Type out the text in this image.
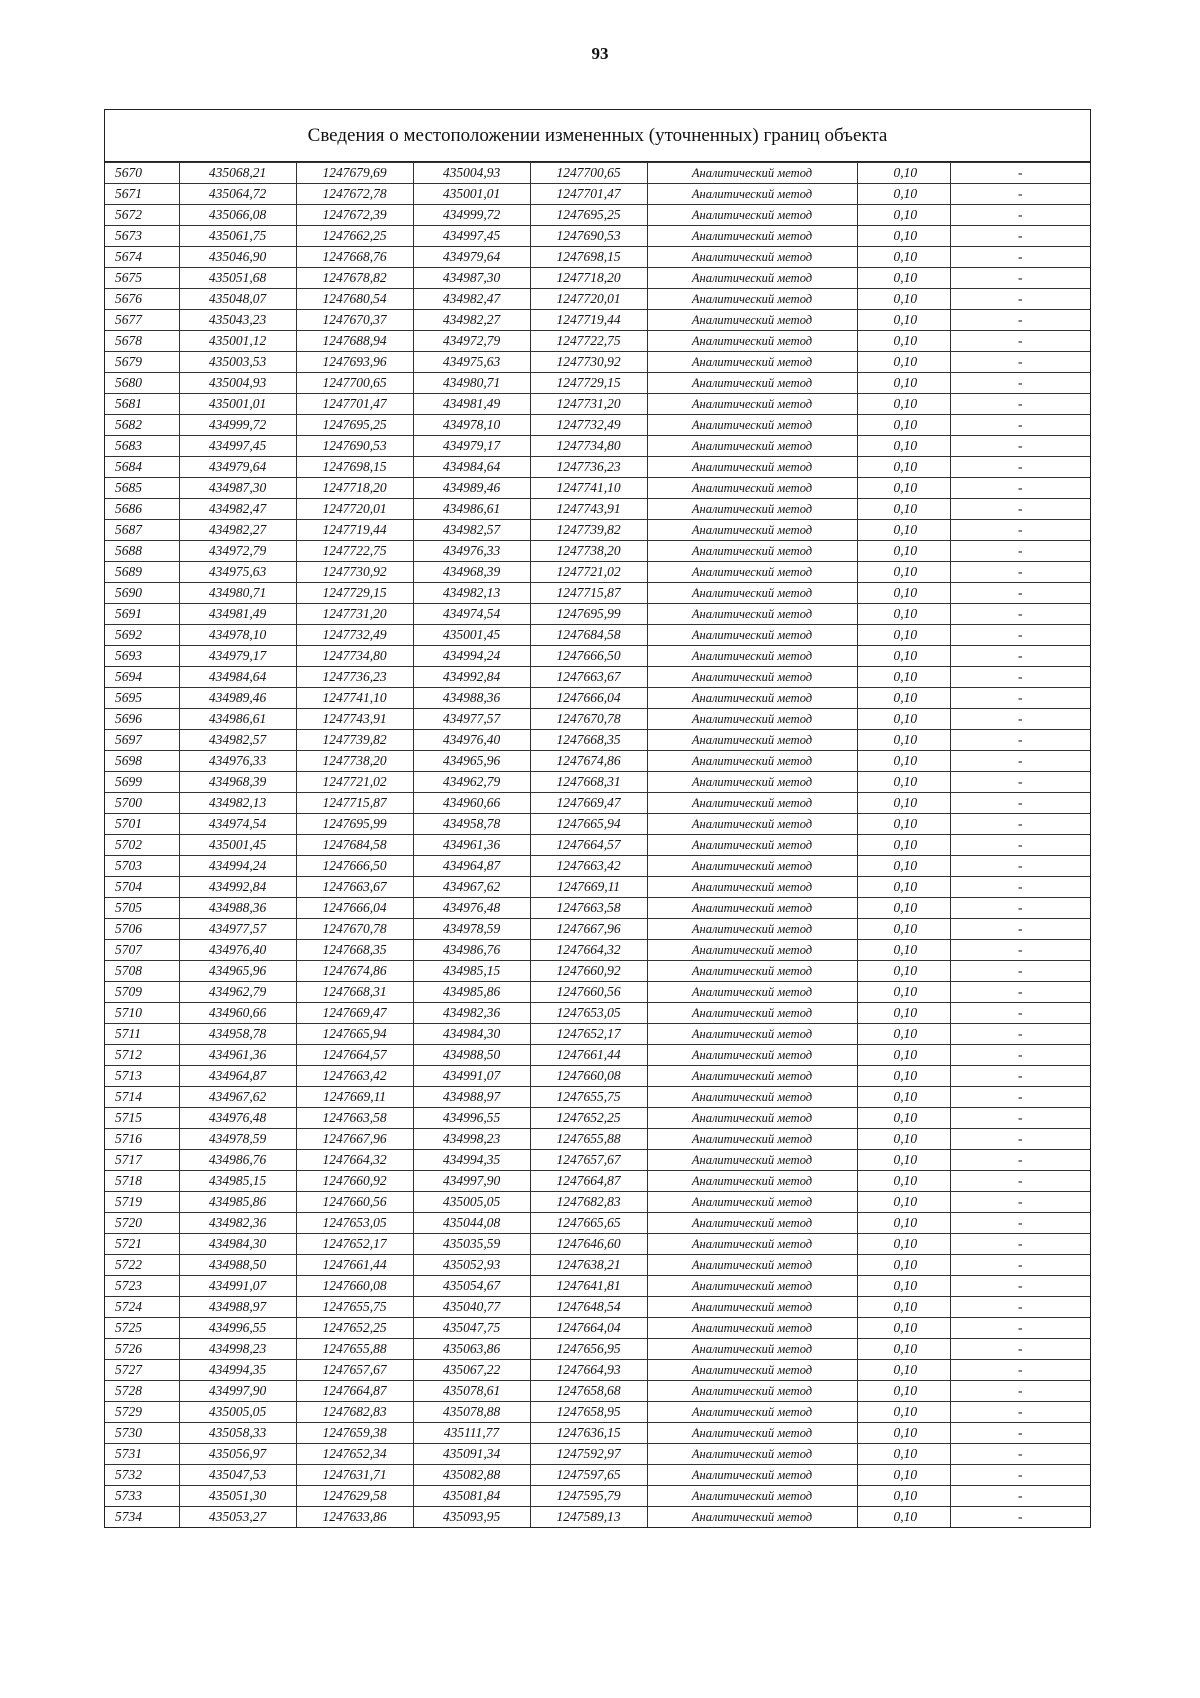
93
Сведения о местоположении измененных (уточненных) границ объекта
5670	435068,21	1247679,69	435004,93	1247700,65	Аналитический метод	0,10	-
5671	435064,72	1247672,78	435001,01	1247701,47	Аналитический метод	0,10	-
5672	435066,08	1247672,39	434999,72	1247695,25	Аналитический метод	0,10	-
5673	435061,75	1247662,25	434997,45	1247690,53	Аналитический метод	0,10	-
5674	435046,90	1247668,76	434979,64	1247698,15	Аналитический метод	0,10	-
5675	435051,68	1247678,82	434987,30	1247718,20	Аналитический метод	0,10	-
5676	435048,07	1247680,54	434982,47	1247720,01	Аналитический метод	0,10	-
5677	435043,23	1247670,37	434982,27	1247719,44	Аналитический метод	0,10	-
5678	435001,12	1247688,94	434972,79	1247722,75	Аналитический метод	0,10	-
5679	435003,53	1247693,96	434975,63	1247730,92	Аналитический метод	0,10	-
5680	435004,93	1247700,65	434980,71	1247729,15	Аналитический метод	0,10	-
5681	435001,01	1247701,47	434981,49	1247731,20	Аналитический метод	0,10	-
5682	434999,72	1247695,25	434978,10	1247732,49	Аналитический метод	0,10	-
5683	434997,45	1247690,53	434979,17	1247734,80	Аналитический метод	0,10	-
5684	434979,64	1247698,15	434984,64	1247736,23	Аналитический метод	0,10	-
5685	434987,30	1247718,20	434989,46	1247741,10	Аналитический метод	0,10	-
5686	434982,47	1247720,01	434986,61	1247743,91	Аналитический метод	0,10	-
5687	434982,27	1247719,44	434982,57	1247739,82	Аналитический метод	0,10	-
5688	434972,79	1247722,75	434976,33	1247738,20	Аналитический метод	0,10	-
5689	434975,63	1247730,92	434968,39	1247721,02	Аналитический метод	0,10	-
5690	434980,71	1247729,15	434982,13	1247715,87	Аналитический метод	0,10	-
5691	434981,49	1247731,20	434974,54	1247695,99	Аналитический метод	0,10	-
5692	434978,10	1247732,49	435001,45	1247684,58	Аналитический метод	0,10	-
5693	434979,17	1247734,80	434994,24	1247666,50	Аналитический метод	0,10	-
5694	434984,64	1247736,23	434992,84	1247663,67	Аналитический метод	0,10	-
5695	434989,46	1247741,10	434988,36	1247666,04	Аналитический метод	0,10	-
5696	434986,61	1247743,91	434977,57	1247670,78	Аналитический метод	0,10	-
5697	434982,57	1247739,82	434976,40	1247668,35	Аналитический метод	0,10	-
5698	434976,33	1247738,20	434965,96	1247674,86	Аналитический метод	0,10	-
5699	434968,39	1247721,02	434962,79	1247668,31	Аналитический метод	0,10	-
5700	434982,13	1247715,87	434960,66	1247669,47	Аналитический метод	0,10	-
5701	434974,54	1247695,99	434958,78	1247665,94	Аналитический метод	0,10	-
5702	435001,45	1247684,58	434961,36	1247664,57	Аналитический метод	0,10	-
5703	434994,24	1247666,50	434964,87	1247663,42	Аналитический метод	0,10	-
5704	434992,84	1247663,67	434967,62	1247669,11	Аналитический метод	0,10	-
5705	434988,36	1247666,04	434976,48	1247663,58	Аналитический метод	0,10	-
5706	434977,57	1247670,78	434978,59	1247667,96	Аналитический метод	0,10	-
5707	434976,40	1247668,35	434986,76	1247664,32	Аналитический метод	0,10	-
5708	434965,96	1247674,86	434985,15	1247660,92	Аналитический метод	0,10	-
5709	434962,79	1247668,31	434985,86	1247660,56	Аналитический метод	0,10	-
5710	434960,66	1247669,47	434982,36	1247653,05	Аналитический метод	0,10	-
5711	434958,78	1247665,94	434984,30	1247652,17	Аналитический метод	0,10	-
5712	434961,36	1247664,57	434988,50	1247661,44	Аналитический метод	0,10	-
5713	434964,87	1247663,42	434991,07	1247660,08	Аналитический метод	0,10	-
5714	434967,62	1247669,11	434988,97	1247655,75	Аналитический метод	0,10	-
5715	434976,48	1247663,58	434996,55	1247652,25	Аналитический метод	0,10	-
5716	434978,59	1247667,96	434998,23	1247655,88	Аналитический метод	0,10	-
5717	434986,76	1247664,32	434994,35	1247657,67	Аналитический метод	0,10	-
5718	434985,15	1247660,92	434997,90	1247664,87	Аналитический метод	0,10	-
5719	434985,86	1247660,56	435005,05	1247682,83	Аналитический метод	0,10	-
5720	434982,36	1247653,05	435044,08	1247665,65	Аналитический метод	0,10	-
5721	434984,30	1247652,17	435035,59	1247646,60	Аналитический метод	0,10	-
5722	434988,50	1247661,44	435052,93	1247638,21	Аналитический метод	0,10	-
5723	434991,07	1247660,08	435054,67	1247641,81	Аналитический метод	0,10	-
5724	434988,97	1247655,75	435040,77	1247648,54	Аналитический метод	0,10	-
5725	434996,55	1247652,25	435047,75	1247664,04	Аналитический метод	0,10	-
5726	434998,23	1247655,88	435063,86	1247656,95	Аналитический метод	0,10	-
5727	434994,35	1247657,67	435067,22	1247664,93	Аналитический метод	0,10	-
5728	434997,90	1247664,87	435078,61	1247658,68	Аналитический метод	0,10	-
5729	435005,05	1247682,83	435078,88	1247658,95	Аналитический метод	0,10	-
5730	435058,33	1247659,38	435111,77	1247636,15	Аналитический метод	0,10	-
5731	435056,97	1247652,34	435091,34	1247592,97	Аналитический метод	0,10	-
5732	435047,53	1247631,71	435082,88	1247597,65	Аналитический метод	0,10	-
5733	435051,30	1247629,58	435081,84	1247595,79	Аналитический метод	0,10	-
5734	435053,27	1247633,86	435093,95	1247589,13	Аналитический метод	0,10	-
